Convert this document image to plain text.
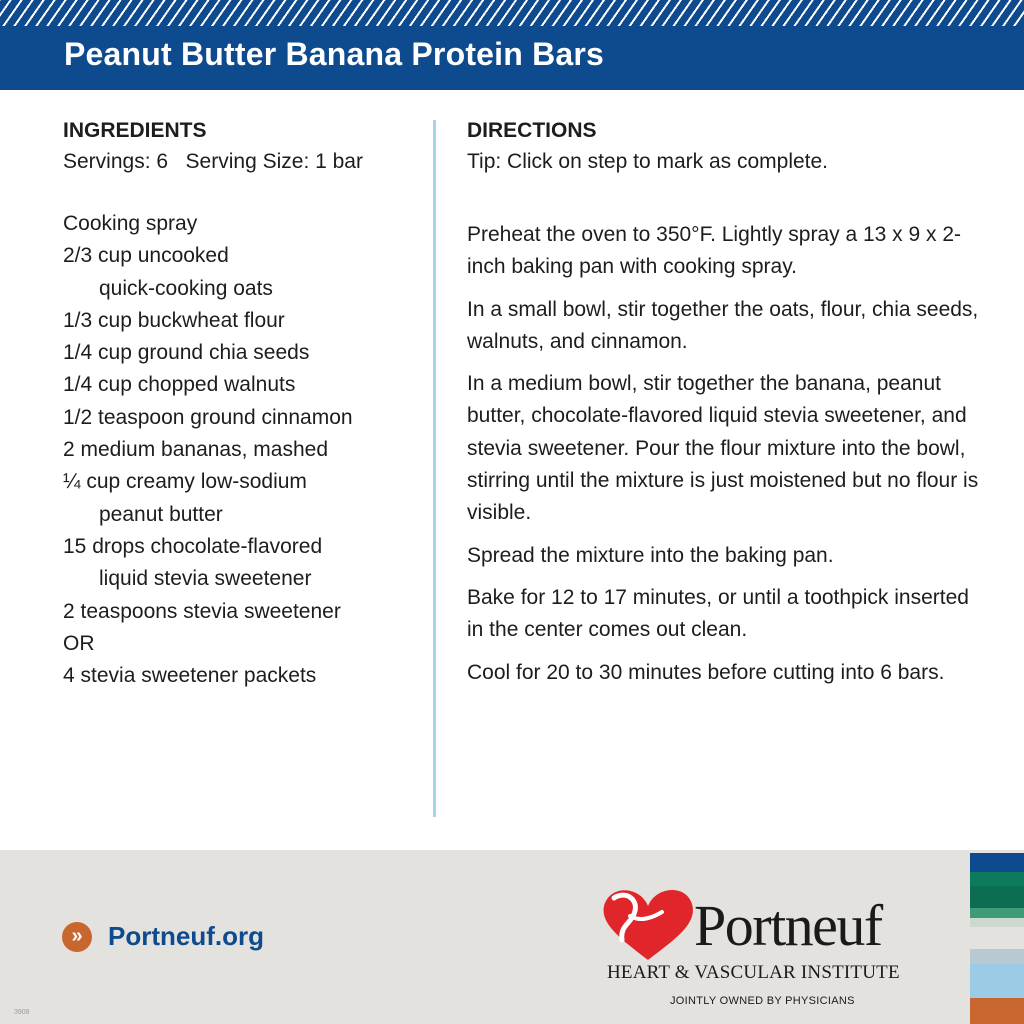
Peanut Butter Banana Protein Bars
INGREDIENTS
Servings: 6   Serving Size: 1 bar
Cooking spray
2/3 cup uncooked
quick-cooking oats
1/3 cup buckwheat flour
1/4 cup ground chia seeds
1/4 cup chopped walnuts
1/2 teaspoon ground cinnamon
2 medium bananas, mashed
¼ cup creamy low-sodium
peanut butter
15 drops chocolate-flavored
liquid stevia sweetener
2 teaspoons stevia sweetener
OR
4 stevia sweetener packets
DIRECTIONS
Tip: Click on step to mark as complete.

Preheat the oven to 350°F. Lightly spray a 13 x 9 x 2-inch baking pan with cooking spray.

In a small bowl, stir together the oats, flour, chia seeds, walnuts, and cinnamon.

In a medium bowl, stir together the banana, peanut butter, chocolate-flavored liquid stevia sweetener, and stevia sweetener. Pour the flour mixture into the bowl, stirring until the mixture is just moistened but no flour is visible.

Spread the mixture into the baking pan.

Bake for 12 to 17 minutes, or until a toothpick inserted in the center comes out clean.

Cool for 20 to 30 minutes before cutting into 6 bars.

» Portneuf.org	Portneuf
HEART & VASCULAR INSTITUTE
JOINTLY OWNED BY PHYSICIANS
3908
